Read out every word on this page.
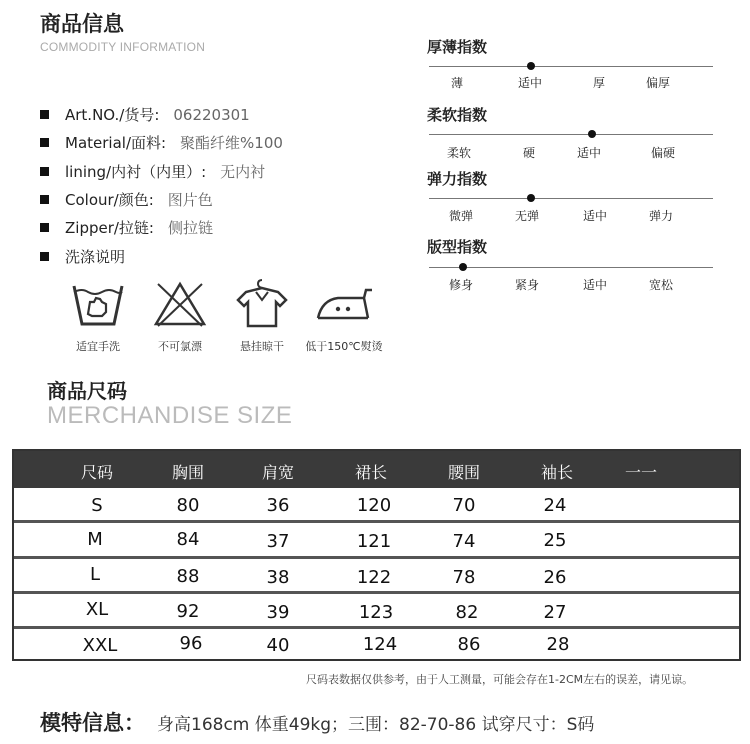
商品信息
COMMODITY INFORMATION
Art.NO./货号: 06220301
Material/面料: 聚酯纤维%100
lining/内衬（内里）: 无内衬
Colour/颜色: 图片色
Zipper/拉链: 侧拉链
洗涤说明
适宜手洗	不可氯漂	悬挂晾干	低于150℃熨烫
厚薄指数
薄	适中	厚	偏厚
柔软指数
柔软	硬	适中	偏硬
弹力指数
微弹	无弹	适中	弹力
版型指数
修身	紧身	适中	宽松
商品尺码
MERCHANDISE SIZE
尺码	胸围	肩宽	裙长	腰围	袖长	一一
S	80	36	120	70	24
M	84	37	121	74	25
L	88	38	122	78	26
XL	92	39	123	82	27
XXL	96	40	124	86	28
尺码表数据仅供参考，由于人工测量，可能会存在1-2CM左右的误差，请见谅。
模特信息： 身高168cm 体重49kg；三围：82-70-86 试穿尺寸：S码
